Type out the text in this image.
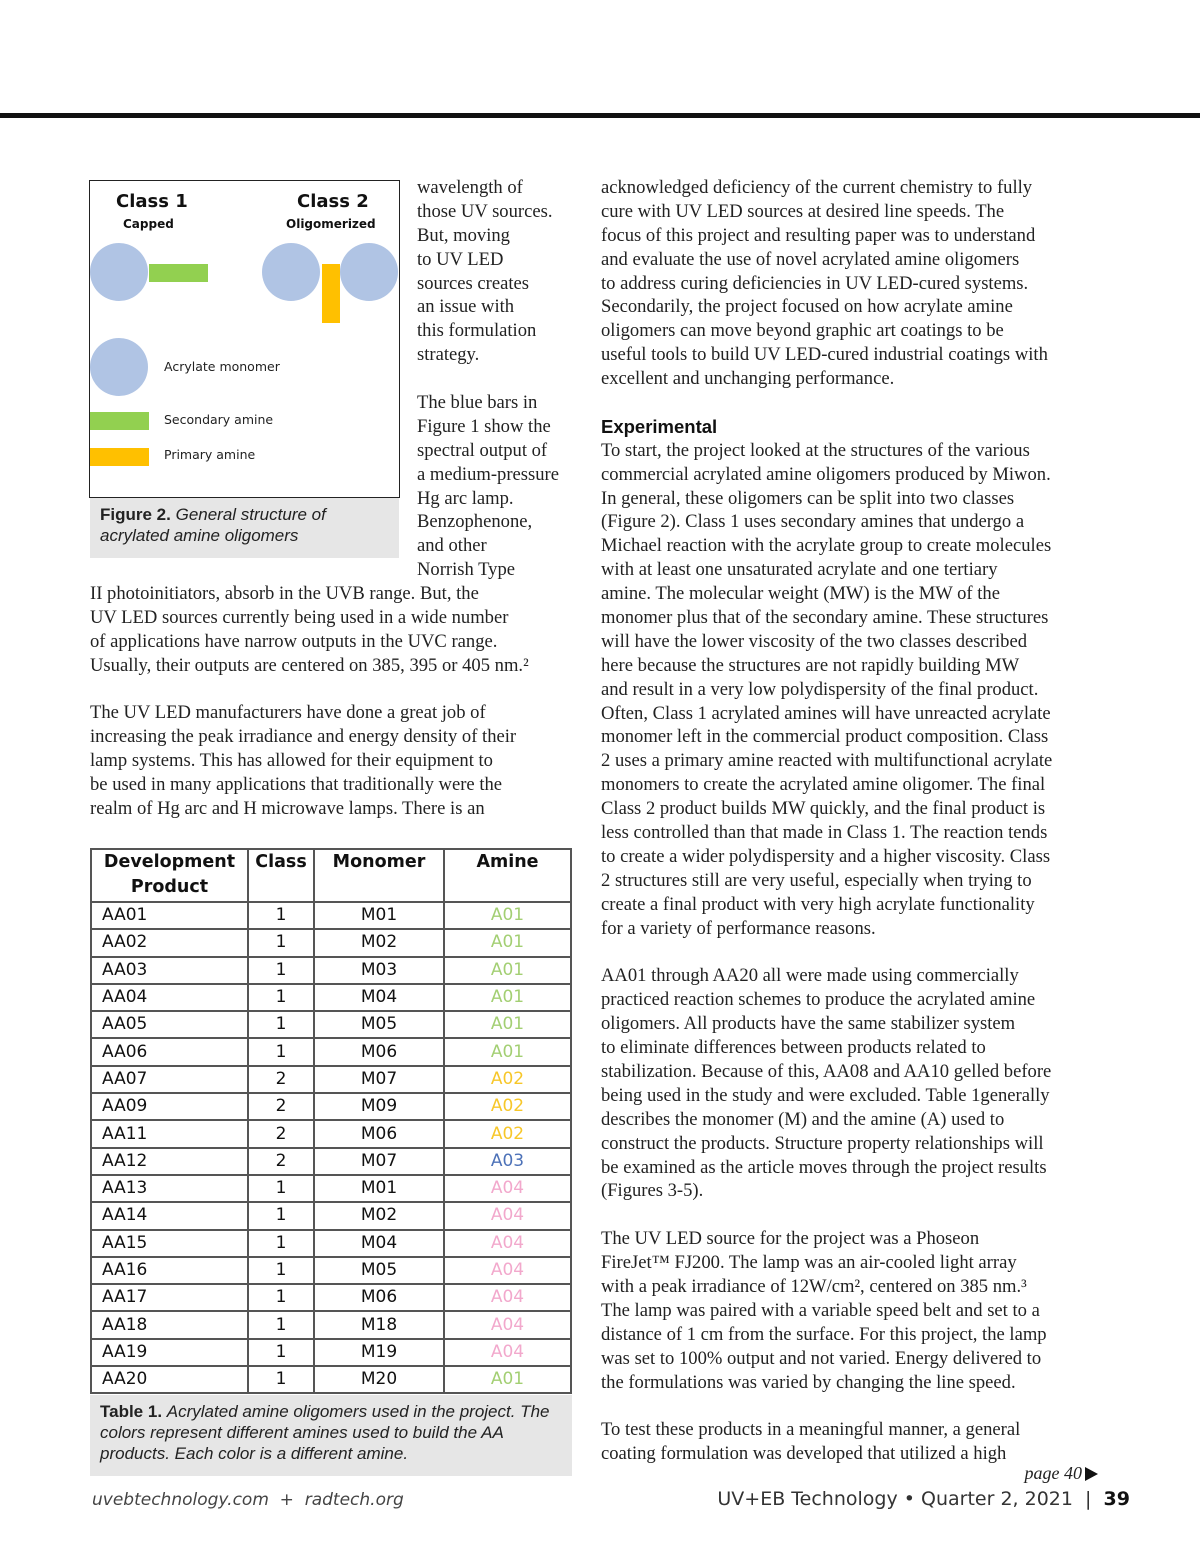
Class 1
Capped
Class 2
Oligomerized
Acrylate monomer
Secondary amine
Primary amine
Figure 2. General structure of acrylated amine oligomers
wavelength of
those UV sources.
But, moving
to UV LED
sources creates
an issue with
this formulation
strategy.
The blue bars in
Figure 1 show the
spectral output of
a medium-pressure
Hg arc lamp.
Benzophenone,
and other
Norrish Type
II photoinitiators, absorb in the UVB range. But, the
UV LED sources currently being used in a wide number
of applications have narrow outputs in the UVC range.
Usually, their outputs are centered on 385, 395 or 405 nm.²
The UV LED manufacturers have done a great job of
increasing the peak irradiance and energy density of their
lamp systems. This has allowed for their equipment to
be used in many applications that traditionally were the
realm of Hg arc and H microwave lamps. There is an
acknowledged deficiency of the current chemistry to fully
cure with UV LED sources at desired line speeds. The
focus of this project and resulting paper was to understand
and evaluate the use of novel acrylated amine oligomers
to address curing deficiencies in UV LED-cured systems.
Secondarily, the project focused on how acrylate amine
oligomers can move beyond graphic art coatings to be
useful tools to build UV LED-cured industrial coatings with
excellent and unchanging performance.
Experimental
To start, the project looked at the structures of the various
commercial acrylated amine oligomers produced by Miwon.
In general, these oligomers can be split into two classes
(Figure 2). Class 1 uses secondary amines that undergo a
Michael reaction with the acrylate group to create molecules
with at least one unsaturated acrylate and one tertiary
amine. The molecular weight (MW) is the MW of the
monomer plus that of the secondary amine. These structures
will have the lower viscosity of the two classes described
here because the structures are not rapidly building MW
and result in a very low polydispersity of the final product.
Often, Class 1 acrylated amines will have unreacted acrylate
monomer left in the commercial product composition. Class
2 uses a primary amine reacted with multifunctional acrylate
monomers to create the acrylated amine oligomer. The final
Class 2 product builds MW quickly, and the final product is
less controlled than that made in Class 1. The reaction tends
to create a wider polydispersity and a higher viscosity. Class
2 structures still are very useful, especially when trying to
create a final product with very high acrylate functionality
for a variety of performance reasons.
AA01 through AA20 all were made using commercially
practiced reaction schemes to produce the acrylated amine
oligomers. All products have the same stabilizer system
to eliminate differences between products related to
stabilization. Because of this, AA08 and AA10 gelled before
being used in the study and were excluded. Table 1generally
describes the monomer (M) and the amine (A) used to
construct the products. Structure property relationships will
be examined as the article moves through the project results
(Figures 3-5).
The UV LED source for the project was a Phoseon
FireJet™ FJ200. The lamp was an air-cooled light array
with a peak irradiance of 12W/cm², centered on 385 nm.³
The lamp was paired with a variable speed belt and set to a
distance of 1 cm from the surface. For this project, the lamp
was set to 100% output and not varied. Energy delivered to
the formulations was varied by changing the line speed.
To test these products in a meaningful manner, a general
coating formulation was developed that utilized a high
Development Product	Class	Monomer	Amine
AA01	1	M01	A01
AA02	1	M02	A01
AA03	1	M03	A01
AA04	1	M04	A01
AA05	1	M05	A01
AA06	1	M06	A01
AA07	2	M07	A02
AA09	2	M09	A02
AA11	2	M06	A02
AA12	2	M07	A03
AA13	1	M01	A04
AA14	1	M02	A04
AA15	1	M04	A04
AA16	1	M05	A04
AA17	1	M06	A04
AA18	1	M18	A04
AA19	1	M19	A04
AA20	1	M20	A01
Table 1. Acrylated amine oligomers used in the project. The colors represent different amines used to build the AA products. Each color is a different amine.
page 40
uvebtechnology.com  +  radtech.org	UV+EB Technology • Quarter 2, 2021  |  39
